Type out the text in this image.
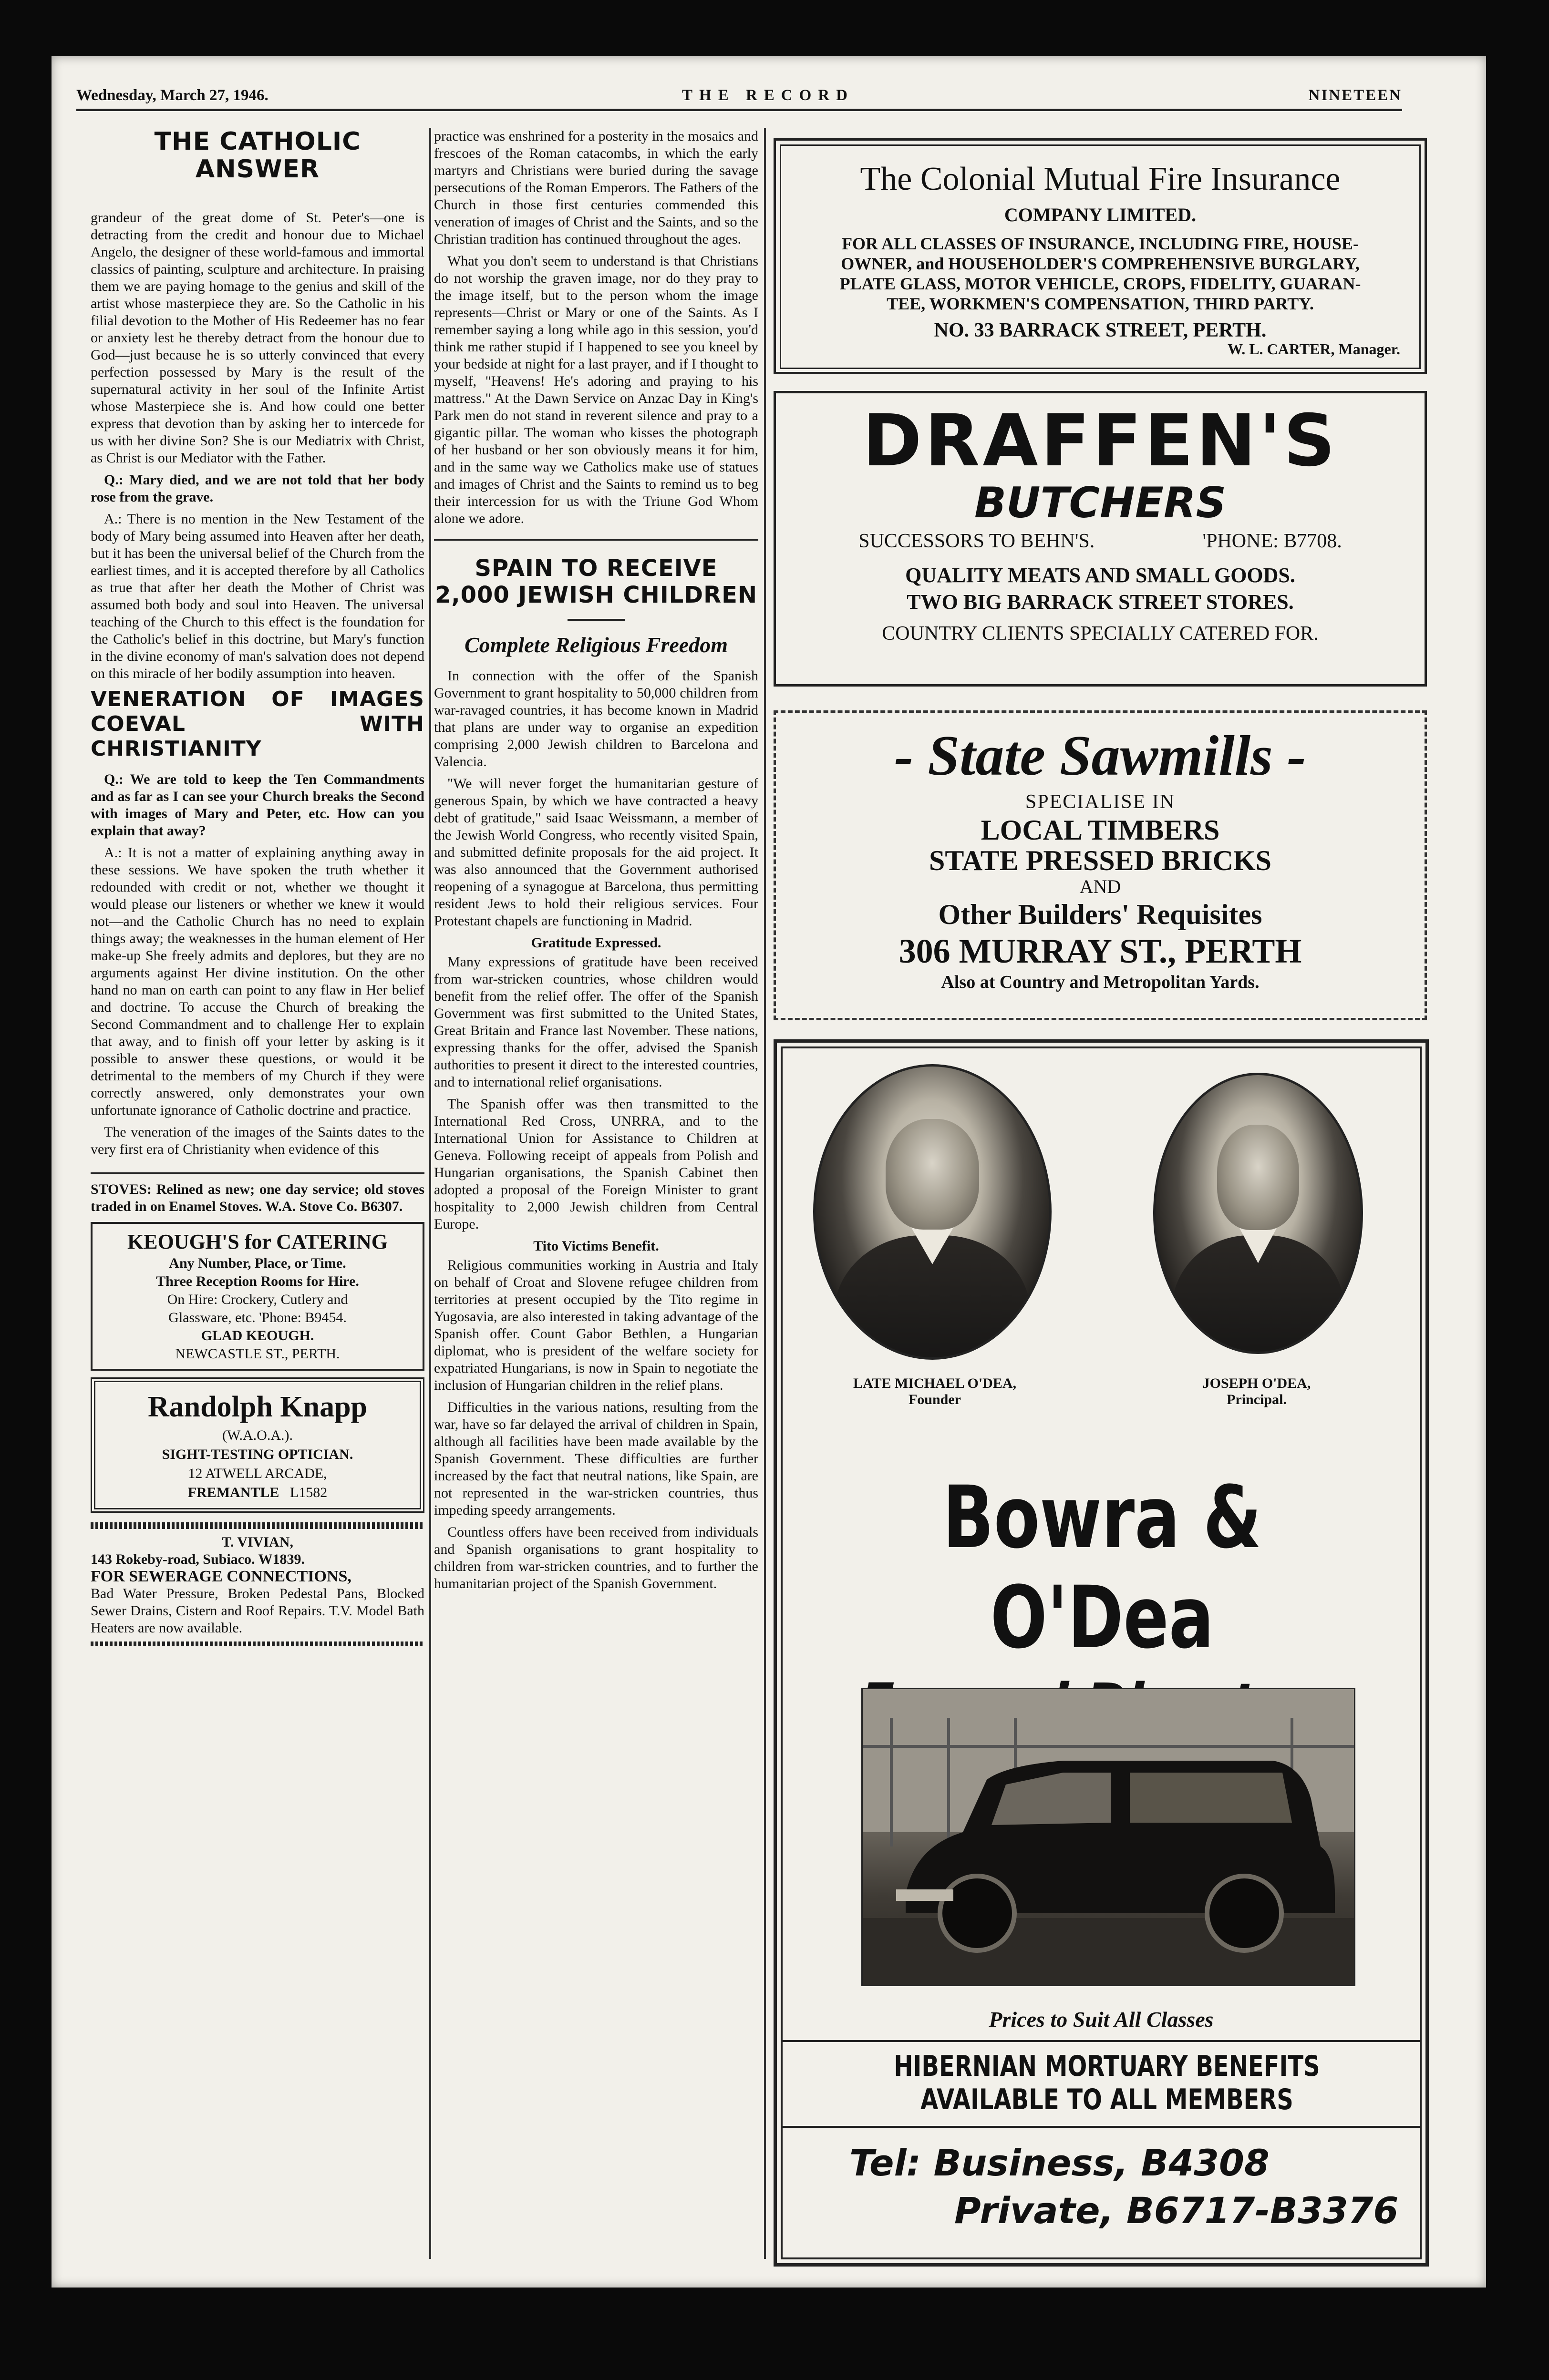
Wednesday, March 27, 1946.	THE RECORD	NINETEEN
THE CATHOLIC ANSWER

grandeur of the great dome of St. Peter's—one is detracting from the credit and honour due to Michael Angelo, the designer of these world-famous and immortal classics of painting, sculpture and architecture. In praising them we are paying homage to the genius and skill of the artist whose masterpiece they are. So the Catholic in his filial devotion to the Mother of His Redeemer has no fear or anxiety lest he thereby detract from the honour due to God—just because he is so utterly convinced that every perfection possessed by Mary is the result of the supernatural activity in her soul of the Infinite Artist whose Masterpiece she is. And how could one better express that devotion than by asking her to intercede for us with her divine Son? She is our Mediatrix with Christ, as Christ is our Mediator with the Father.

Q.: Mary died, and we are not told that her body rose from the grave.

A.: There is no mention in the New Testament of the body of Mary being assumed into Heaven after her death, but it has been the universal belief of the Church from the earliest times, and it is accepted therefore by all Catholics as true that after her death the Mother of Christ was assumed both body and soul into Heaven. The universal teaching of the Church to this effect is the foundation for the Catholic's belief in this doctrine, but Mary's function in the divine economy of man's salvation does not depend on this miracle of her bodily assumption into heaven.

VENERATION OF IMAGES COEVAL WITH CHRISTIANITY

Q.: We are told to keep the Ten Commandments and as far as I can see your Church breaks the Second with images of Mary and Peter, etc. How can you explain that away?

A.: It is not a matter of explaining anything away in these sessions. We have spoken the truth whether it redounded with credit or not, whether we thought it would please our listeners or whether we knew it would not—and the Catholic Church has no need to explain things away; the weaknesses in the human element of Her make-up She freely admits and deplores, but they are no arguments against Her divine institution. On the other hand no man on earth can point to any flaw in Her belief and doctrine. To accuse the Church of breaking the Second Commandment and to challenge Her to explain that away, and to finish off your letter by asking is it possible to answer these questions, or would it be detrimental to the members of my Church if they were correctly answered, only demonstrates your own unfortunate ignorance of Catholic doctrine and practice.

The veneration of the images of the Saints dates to the very first era of Christianity when evidence of this

STOVES: Relined as new; one day service; old stoves traded in on Enamel Stoves. W.A. Stove Co. B6307.

KEOUGH'S for CATERING
Any Number, Place, or Time.
Three Reception Rooms for Hire.
On Hire: Crockery, Cutlery and
Glassware, etc. 'Phone: B9454.
GLAD KEOUGH.
NEWCASTLE ST., PERTH.
Randolph Knapp
(W.A.O.A.).
SIGHT-TESTING OPTICIAN.
12 ATWELL ARCADE,
FREMANTLE L1582
T. VIVIAN,
143 Rokeby-road, Subiaco. W1839.
FOR SEWERAGE CONNECTIONS,
Bad Water Pressure, Broken Pedestal Pans, Blocked Sewer Drains, Cistern and Roof Repairs. T.V. Model Bath Heaters are now available.

practice was enshrined for a posterity in the mosaics and frescoes of the Roman catacombs, in which the early martyrs and Christians were buried during the savage persecutions of the Roman Emperors. The Fathers of the Church in those first centuries commended this veneration of images of Christ and the Saints, and so the Christian tradition has continued throughout the ages.

What you don't seem to understand is that Christians do not worship the graven image, nor do they pray to the image itself, but to the person whom the image represents—Christ or Mary or one of the Saints. As I remember saying a long while ago in this session, you'd think me rather stupid if I happened to see you kneel by your bedside at night for a last prayer, and if I thought to myself, "Heavens! He's adoring and praying to his mattress." At the Dawn Service on Anzac Day in King's Park men do not stand in reverent silence and pray to a gigantic pillar. The woman who kisses the photograph of her husband or her son obviously means it for him, and in the same way we Catholics make use of statues and images of Christ and the Saints to remind us to beg their intercession for us with the Triune God Whom alone we adore.

SPAIN TO RECEIVE 2,000 JEWISH CHILDREN
Complete Religious Freedom

In connection with the offer of the Spanish Government to grant hospitality to 50,000 children from war-ravaged countries, it has become known in Madrid that plans are under way to organise an expedition comprising 2,000 Jewish children to Barcelona and Valencia.

"We will never forget the humanitarian gesture of generous Spain, by which we have contracted a heavy debt of gratitude," said Isaac Weissmann, a member of the Jewish World Congress, who recently visited Spain, and submitted definite proposals for the aid project. It was also announced that the Government authorised reopening of a synagogue at Barcelona, thus permitting resident Jews to hold their religious services. Four Protestant chapels are functioning in Madrid.

Gratitude Expressed.

Many expressions of gratitude have been received from war-stricken countries, whose children would benefit from the relief offer. The offer of the Spanish Government was first submitted to the United States, Great Britain and France last November. These nations, expressing thanks for the offer, advised the Spanish authorities to present it direct to the interested countries, and to international relief organisations.

The Spanish offer was then transmitted to the International Red Cross, UNRRA, and to the International Union for Assistance to Children at Geneva. Following receipt of appeals from Polish and Hungarian organisations, the Spanish Cabinet then adopted a proposal of the Foreign Minister to grant hospitality to 2,000 Jewish children from Central Europe.

Tito Victims Benefit.

Religious communities working in Austria and Italy on behalf of Croat and Slovene refugee children from territories at present occupied by the Tito regime in Yugosavia, are also interested in taking advantage of the Spanish offer. Count Gabor Bethlen, a Hungarian diplomat, who is president of the welfare society for expatriated Hungarians, is now in Spain to negotiate the inclusion of Hungarian children in the relief plans.

Difficulties in the various nations, resulting from the war, have so far delayed the arrival of children in Spain, although all facilities have been made available by the Spanish Government. These difficulties are further increased by the fact that neutral nations, like Spain, are not represented in the war-stricken countries, thus impeding speedy arrangements.

Countless offers have been received from individuals and Spanish organisations to grant hospitality to children from war-stricken countries, and to further the humanitarian project of the Spanish Government.

The Colonial Mutual Fire Insurance
COMPANY LIMITED.
FOR ALL CLASSES OF INSURANCE, INCLUDING FIRE, HOUSE-
OWNER, and HOUSEHOLDER'S COMPREHENSIVE BURGLARY,
PLATE GLASS, MOTOR VEHICLE, CROPS, FIDELITY, GUARAN-
TEE, WORKMEN'S COMPENSATION, THIRD PARTY.
NO. 33 BARRACK STREET, PERTH.
W. L. CARTER, Manager.
DRAFFEN'S
BUTCHERS
SUCCESSORS TO BEHN'S.	'PHONE: B7708.
QUALITY MEATS AND SMALL GOODS.
TWO BIG BARRACK STREET STORES.
COUNTRY CLIENTS SPECIALLY CATERED FOR.
- State Sawmills -
SPECIALISE IN
LOCAL TIMBERS
STATE PRESSED BRICKS
AND
Other Builders' Requisites
306 MURRAY ST., PERTH
Also at Country and Metropolitan Yards.
Bowra & O'Dea
Prices to Suit All Classes
HIBERNIAN MORTUARY BENEFITS AVAILABLE TO ALL MEMBERS
Tel: Business, B4308
Private, B6717-B3376
LATE MICHAEL O'DEA,
Founder
JOSEPH O'DEA,
Principal.
